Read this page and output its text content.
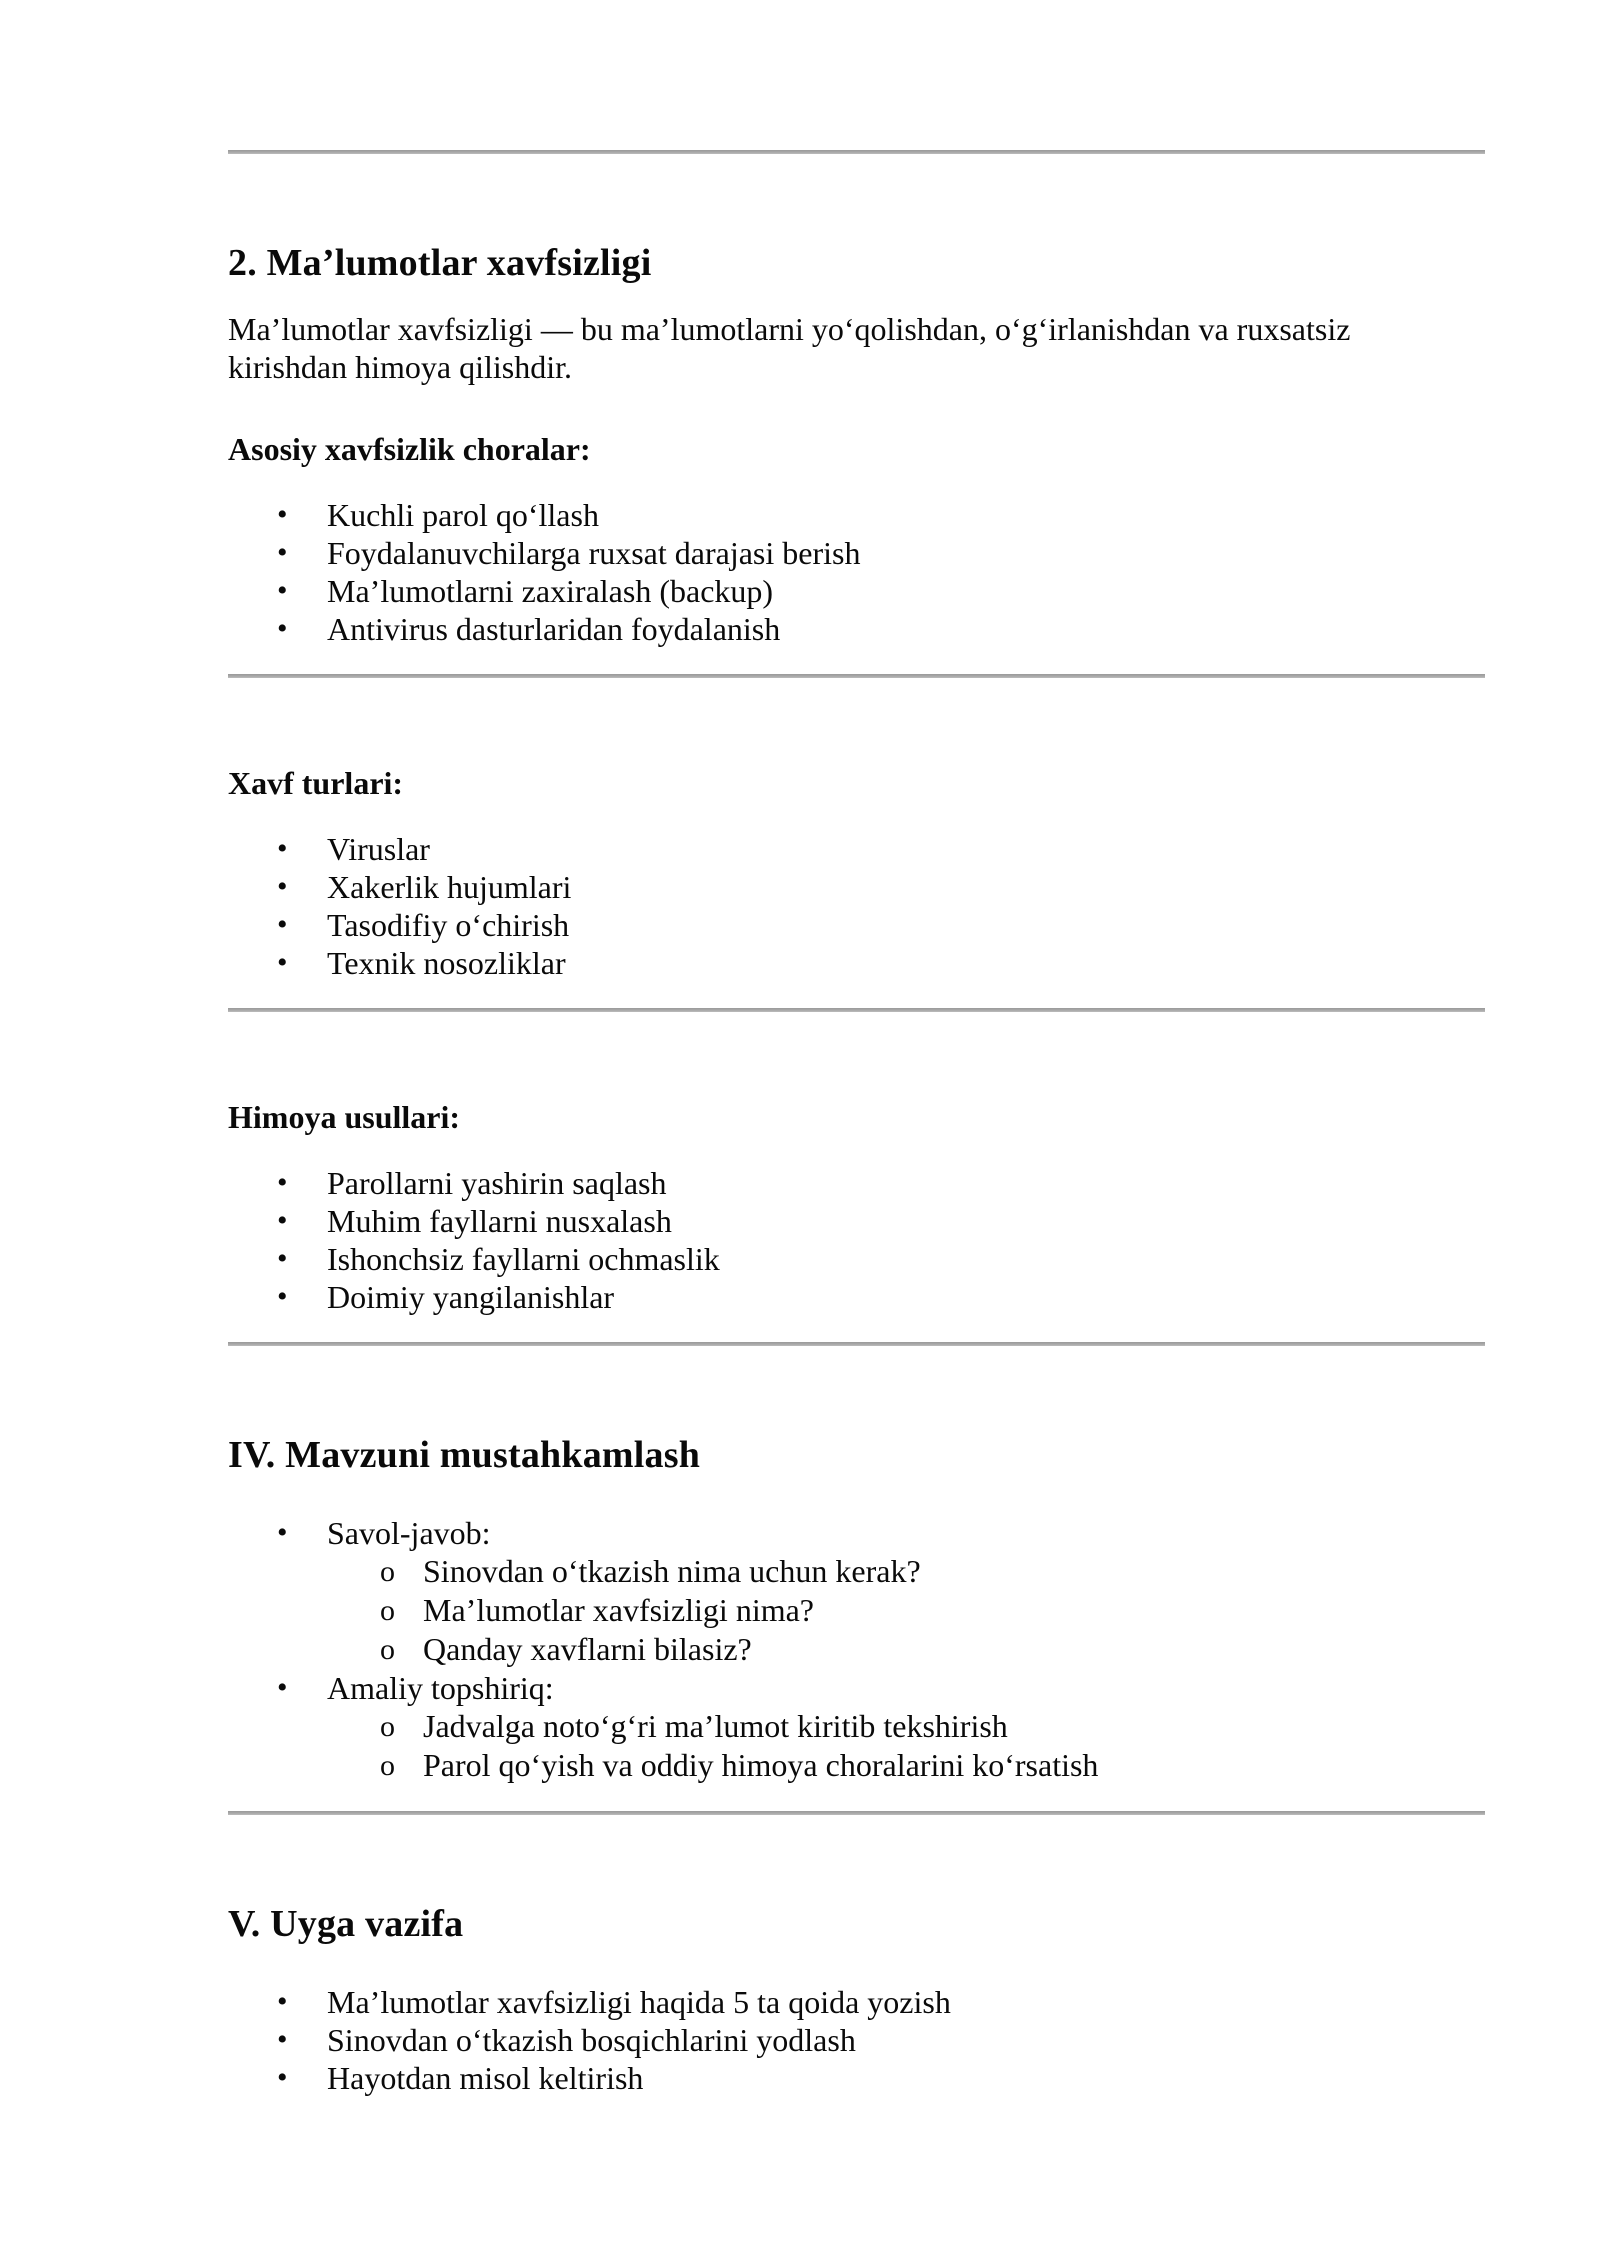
2. Ma’lumotlar xavfsizligi

Ma’lumotlar xavfsizligi — bu ma’lumotlarni yo‘qolishdan, o‘g‘irlanishdan va ruxsatsiz
kirishdan himoya qilishdir.

Asosiy xavfsizlik choralar:
• Kuchli parol qo‘llash
• Foydalanuvchilarga ruxsat darajasi berish
• Ma’lumotlarni zaxiralash (backup)
• Antivirus dasturlaridan foydalanish
Xavf turlari:
• Viruslar
• Xakerlik hujumlari
• Tasodifiy o‘chirish
• Texnik nosozliklar
Himoya usullari:
• Parollarni yashirin saqlash
• Muhim fayllarni nusxalash
• Ishonchsiz fayllarni ochmaslik
• Doimiy yangilanishlar
IV. Mavzuni mustahkamlash
• Savol-javob:
o Sinovdan o‘tkazish nima uchun kerak?
o Ma’lumotlar xavfsizligi nima?
o Qanday xavflarni bilasiz?
• Amaliy topshiriq:
o Jadvalga noto‘g‘ri ma’lumot kiritib tekshirish
o Parol qo‘yish va oddiy himoya choralarini ko‘rsatish
V. Uyga vazifa
• Ma’lumotlar xavfsizligi haqida 5 ta qoida yozish
• Sinovdan o‘tkazish bosqichlarini yodlash
• Hayotdan misol keltirish
